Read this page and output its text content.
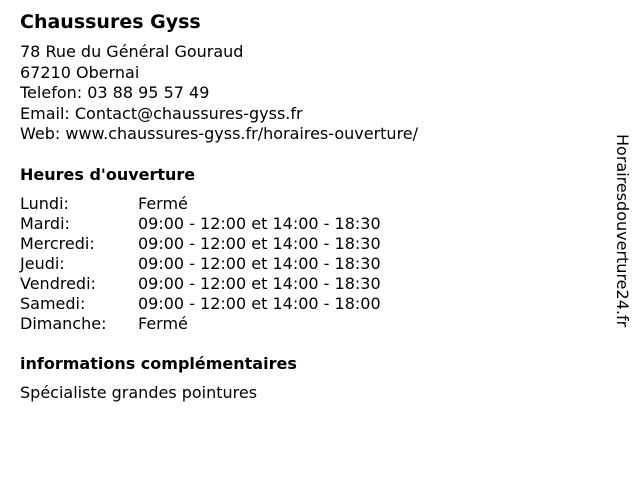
Chaussures Gyss
78 Rue du Général Gouraud
67210 Obernai
Telefon: 03 88 95 57 49
Email: Contact@chaussures-gyss.fr
Web: www.chaussures-gyss.fr/horaires-ouverture/
Heures d'ouverture
Lundi:	Fermé
Mardi:	09:00 - 12:00 et 14:00 - 18:30
Mercredi:	09:00 - 12:00 et 14:00 - 18:30
Jeudi:	09:00 - 12:00 et 14:00 - 18:30
Vendredi:	09:00 - 12:00 et 14:00 - 18:30
Samedi:	09:00 - 12:00 et 14:00 - 18:00
Dimanche:	Fermé
informations complémentaires
Spécialiste grandes pointures
Horairesdouverture24.fr
